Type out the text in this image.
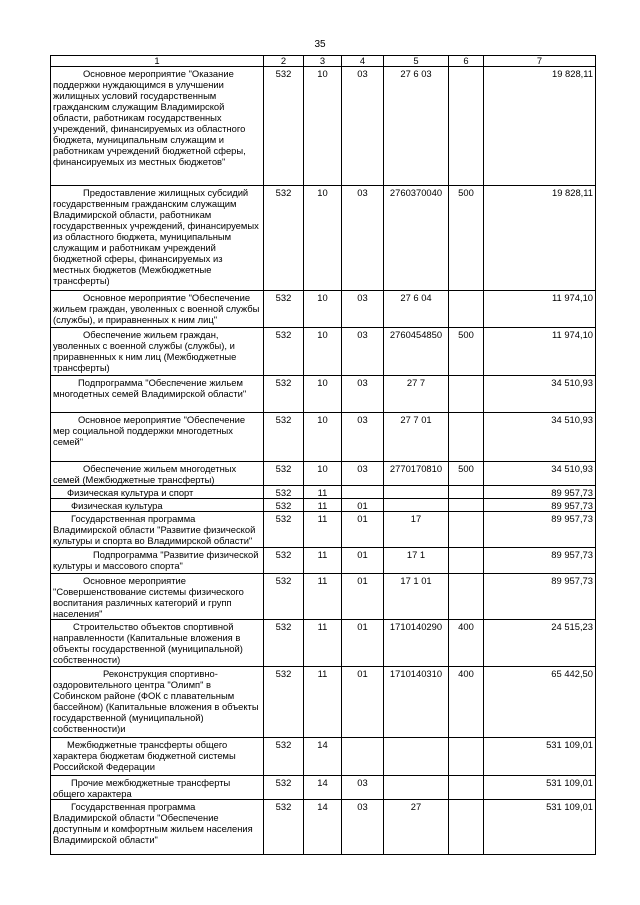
35
1	2	3	4	5	6	7
Основное мероприятие "Оказание поддержки нуждающимся в улучшении жилищных условий государственным гражданским служащим Владимирской области, работникам государственных учреждений, финансируемых из областного бюджета, муниципальным служащим и работникам учреждений бюджетной сферы, финансируемых из местных бюджетов"	532	10	03	27 6 03		19 828,11
Предоставление жилищных субсидий государственным гражданским служащим Владимирской области, работникам государственных учреждений, финансируемых из областного бюджета, муниципальным служащим и работникам учреждений бюджетной сферы, финансируемых из местных бюджетов (Межбюджетные трансферты)	532	10	03	2760370040	500	19 828,11
Основное мероприятие "Обеспечение жильем граждан, уволенных с военной службы (службы), и приравненных к ним лиц"	532	10	03	27 6 04		11 974,10
Обеспечение жильем граждан, уволенных с военной службы (службы), и приравненных к ним лиц (Межбюджетные трансферты)	532	10	03	2760454850	500	11 974,10
Подпрограмма "Обеспечение жильем многодетных семей Владимирской области"	532	10	03	27 7		34 510,93
Основное мероприятие "Обеспечение мер социальной поддержки многодетных семей"	532	10	03	27 7 01		34 510,93
Обеспечение жильем многодетных семей (Межбюджетные трансферты)	532	10	03	2770170810	500	34 510,93
Физическая культура и спорт	532	11				89 957,73
Физическая культура	532	11	01			89 957,73
Государственная программа Владимирской области "Развитие физической культуры и спорта во Владимирской области"	532	11	01	17		89 957,73
Подпрограмма "Развитие физической культуры и массового спорта"	532	11	01	17 1		89 957,73
Основное мероприятие "Совершенствование системы физического воспитания различных категорий и групп населения"	532	11	01	17 1 01		89 957,73
Строительство объектов спортивной направленности (Капитальные вложения в объекты государственной (муниципальной) собственности)	532	11	01	1710140290	400	24 515,23
Реконструкция спортивно-оздоровительного центра "Олимп" в Собинском районе (ФОК с плавательным бассейном) (Капитальные вложения в объекты государственной (муниципальной) собственности)и	532	11	01	1710140310	400	65 442,50
Межбюджетные трансферты общего характера бюджетам бюджетной системы Российской Федерации	532	14				531 109,01
Прочие межбюджетные трансферты общего характера	532	14	03			531 109,01
Государственная программа Владимирской области "Обеспечение доступным и комфортным жильем населения Владимирской области"	532	14	03	27		531 109,01
